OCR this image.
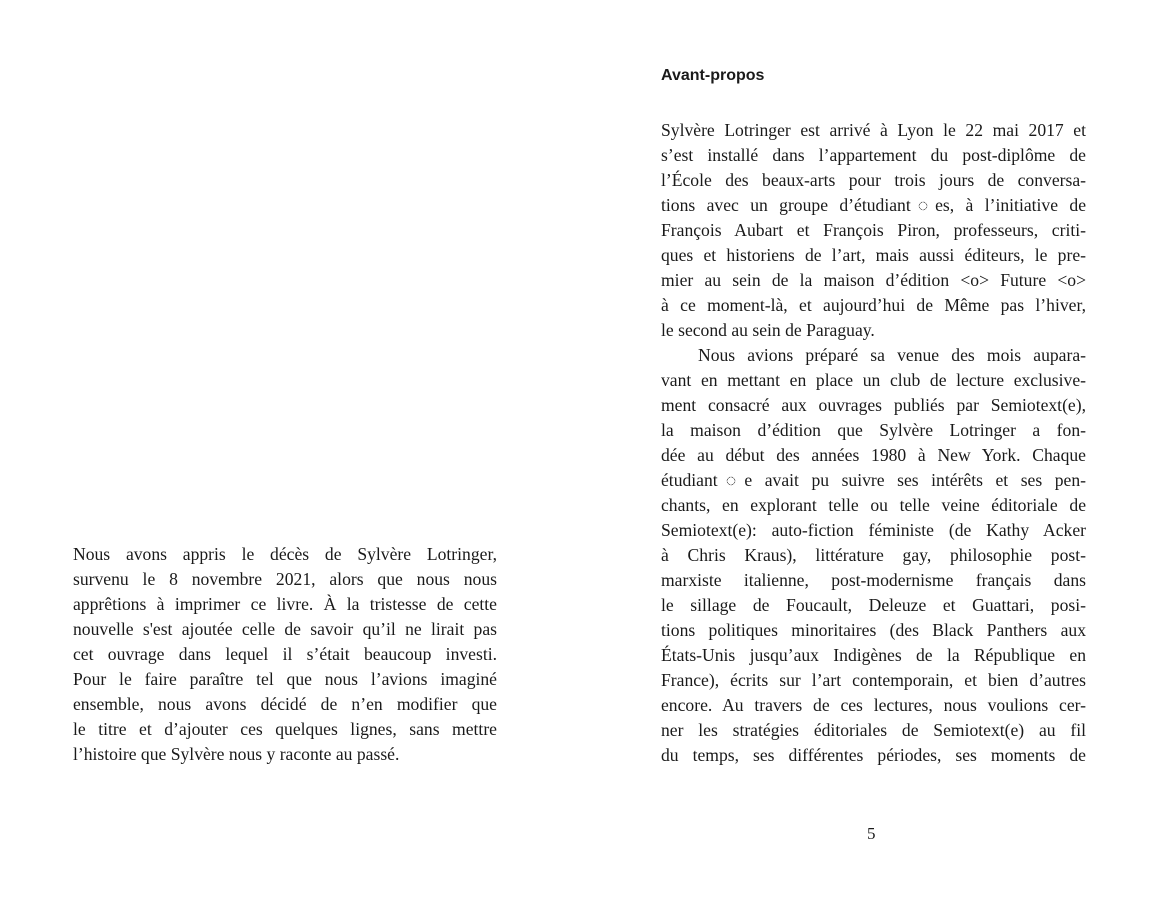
Nous avons appris le décès de Sylvère Lotringer,
survenu le 8 novembre 2021, alors que nous nous
apprêtions à imprimer ce livre. À la tristesse de cette
nouvelle s'est ajoutée celle de savoir qu’il ne lirait pas
cet ouvrage dans lequel il s’était beaucoup investi.
Pour le faire paraître tel que nous l’avions imaginé
ensemble, nous avons décidé de n’en modifier que
le titre et d’ajouter ces quelques lignes, sans mettre
l’histoire que Sylvère nous y raconte au passé.
Avant-propos
Sylvère Lotringer est arrivé à Lyon le 22 mai 2017 et
s’est installé dans l’appartement du post-diplôme de
l’École des beaux-arts pour trois jours de conversa-
tions avec un groupe d’étudiant◌es, à l’initiative de
François Aubart et François Piron, professeurs, criti-
ques et historiens de l’art, mais aussi éditeurs, le pre-
mier au sein de la maison d’édition <o> Future <o>
à ce moment-là, et aujourd’hui de Même pas l’hiver,
le second au sein de Paraguay.
Nous avions préparé sa venue des mois aupara-
vant en mettant en place un club de lecture exclusive-
ment consacré aux ouvrages publiés par Semiotext(e),
la maison d’édition que Sylvère Lotringer a fon-
dée au début des années 1980 à New York. Chaque
étudiant◌e avait pu suivre ses intérêts et ses pen-
chants, en explorant telle ou telle veine éditoriale de
Semiotext(e): auto-fiction féministe (de Kathy Acker
à Chris Kraus), littérature gay, philosophie post-
marxiste italienne, post-modernisme français dans
le sillage de Foucault, Deleuze et Guattari, posi-
tions politiques minoritaires (des Black Panthers aux
États-Unis jusqu’aux Indigènes de la République en
France), écrits sur l’art contemporain, et bien d’autres
encore. Au travers de ces lectures, nous voulions cer-
ner les stratégies éditoriales de Semiotext(e) au fil
du temps, ses différentes périodes, ses moments de
5
